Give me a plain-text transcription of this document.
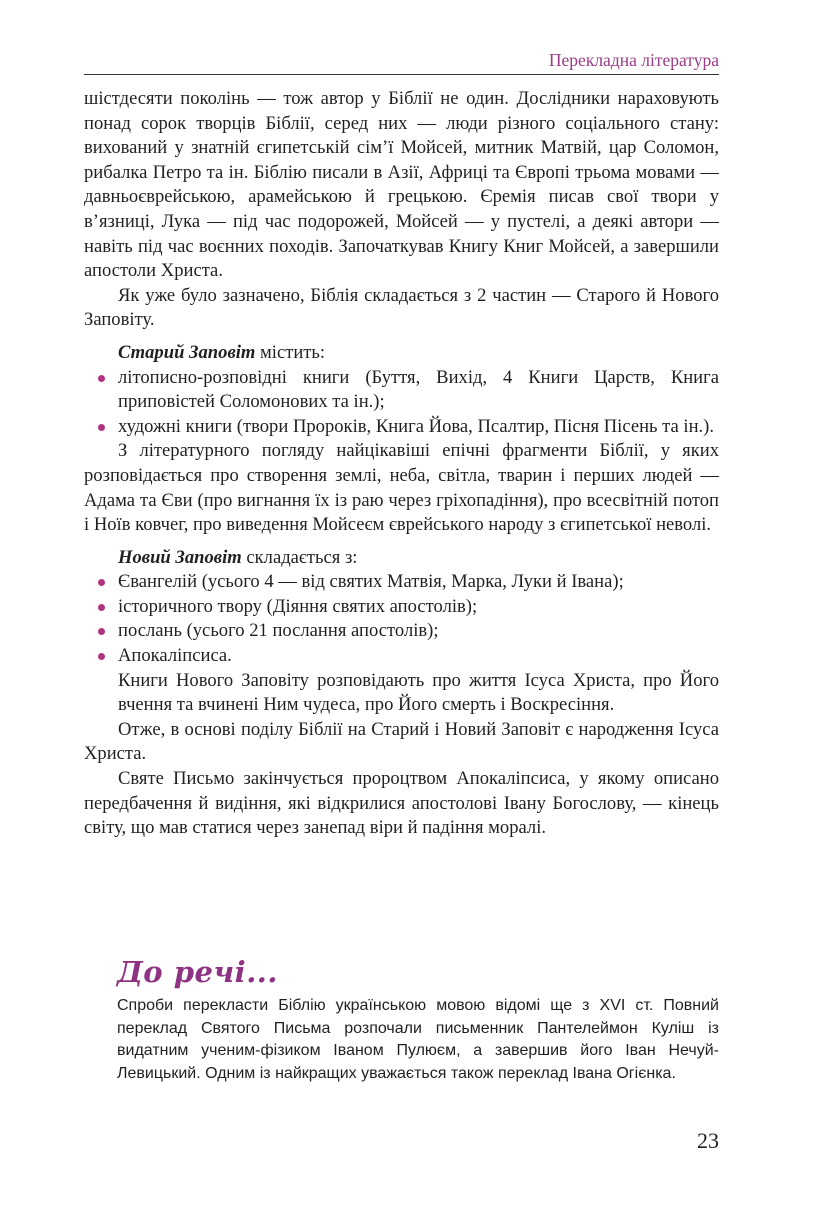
Перекладна література

шістдесяти поколінь — тож автор у Біблії не один. Дослідники нараховують понад сорок творців Біблії, серед них — люди різного соціального стану: вихований у знатній єгипетській сім’ї Мойсей, митник Матвій, цар Соломон, рибалка Петро та ін. Біблію писали в Азії, Африці та Європі трьома мовами — давньоєврейською, арамейською й грецькою. Єремія писав свої твори у в’язниці, Лука — під час подорожей, Мойсей — у пустелі, а деякі автори — навіть під час воєнних походів. Започаткував Книгу Книг Мойсей, а завершили апостоли Христа.

Як уже було зазначено, Біблія складається з 2 частин — Старого й Нового Заповіту.

Старий Заповіт містить:

літописно-розповідні книги (Буття, Вихід, 4 Книги Царств, Книга приповістей Соломонових та ін.);
художні книги (твори Пророків, Книга Йова, Псалтир, Пісня Пісень та ін.).

З літературного погляду найцікавіші епічні фрагменти Біблії, у яких розповідається про створення землі, неба, світла, тварин і перших людей — Адама та Єви (про вигнання їх із раю через гріхопадіння), про всесвітній потоп і Ноїв ковчег, про виведення Мойсеєм єврейського народу з єгипетської неволі.

Новий Заповіт складається з:

Євангелій (усього 4 — від святих Матвія, Марка, Луки й Івана);
історичного твору (Діяння святих апостолів);
послань (усього 21 послання апостолів);
Апокаліпсиса.

Книги Нового Заповіту розповідають про життя Ісуса Христа, про Його вчення та вчинені Ним чудеса, про Його смерть і Воскресіння.

Отже, в основі поділу Біблії на Старий і Новий Заповіт є народження Ісуса Христа.

Святе Письмо закінчується пророцтвом Апокаліпсиса, у якому описано передбачення й видіння, які відкрилися апостолові Івану Богослову, — кінець світу, що мав статися через занепад віри й падіння моралі.

До речі...
Спроби перекласти Біблію українською мовою відомі ще з XVI ст. Повний переклад Святого Письма розпочали письменник Пантелеймон Куліш із видатним ученим-фізиком Іваном Пулюєм, а завершив його Іван Нечуй-Левицький. Одним із найкращих уважається також переклад Івана Огієнка.
23
